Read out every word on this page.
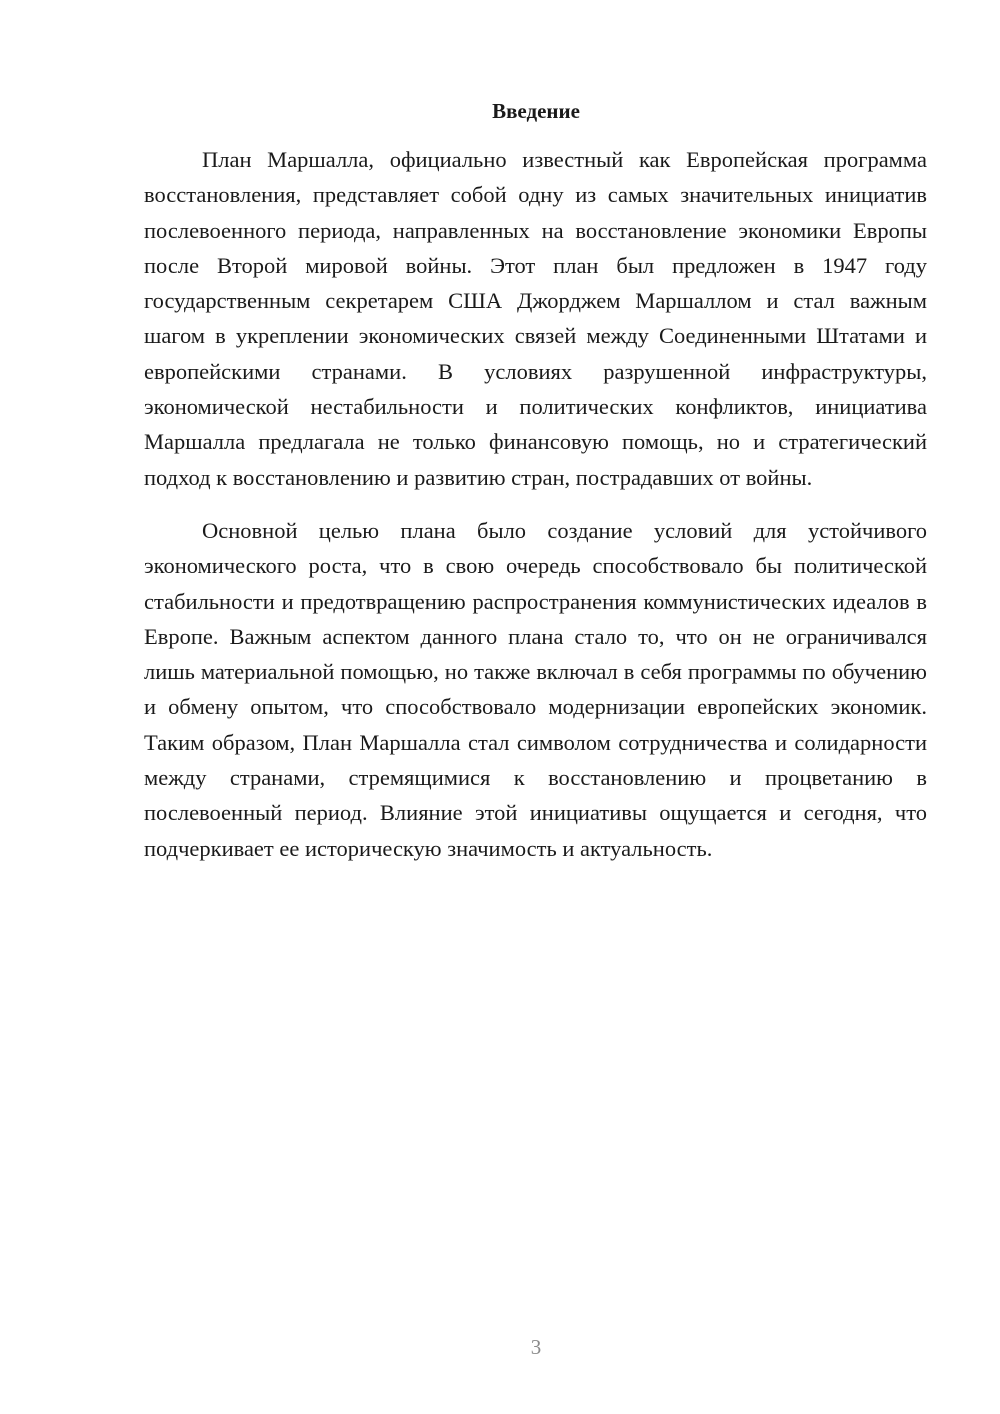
Введение

План Маршалла, официально известный как Европейская программа восстановления, представляет собой одну из самых значительных инициатив послевоенного периода, направленных на восстановление экономики Европы после Второй мировой войны. Этот план был предложен в 1947 году государственным секретарем США Джорджем Маршаллом и стал важным шагом в укреплении экономических связей между Соединенными Штатами и европейскими странами. В условиях разрушенной инфраструктуры, экономической нестабильности и политических конфликтов, инициатива Маршалла предлагала не только финансовую помощь, но и стратегический подход к восстановлению и развитию стран, пострадавших от войны.

Основной целью плана было создание условий для устойчивого экономического роста, что в свою очередь способствовало бы политической стабильности и предотвращению распространения коммунистических идеалов в Европе. Важным аспектом данного плана стало то, что он не ограничивался лишь материальной помощью, но также включал в себя программы по обучению и обмену опытом, что способствовало модернизации европейских экономик. Таким образом, План Маршалла стал символом сотрудничества и солидарности между странами, стремящимися к восстановлению и процветанию в послевоенный период. Влияние этой инициативы ощущается и сегодня, что подчеркивает ее историческую значимость и актуальность.

3
